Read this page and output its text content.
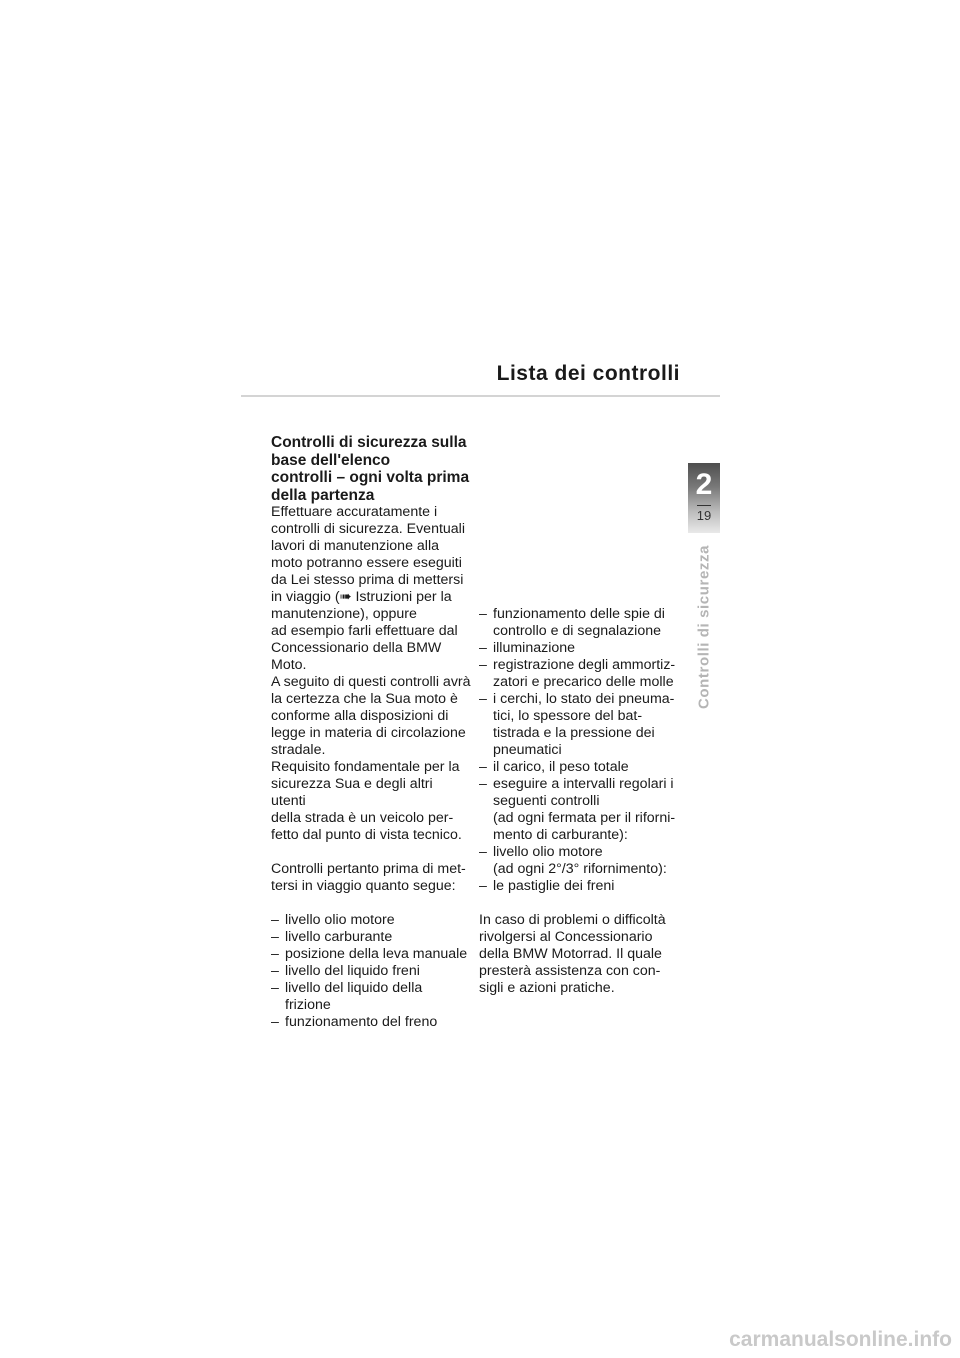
Lista dei controlli
Controlli di sicurezza sulla
base dell'elenco
controlli – ogni volta prima
della partenza
Effettuare accuratamente i
controlli di sicurezza. Eventuali
lavori di manutenzione alla
moto potranno essere eseguiti
da Lei stesso prima di mettersi
in viaggio (➠ Istruzioni per la
manutenzione), oppure
ad esempio farli effettuare dal
Concessionario della BMW
Moto.
A seguito di questi controlli avrà
la certezza che la Sua moto è
conforme alla disposizioni di
legge in materia di circolazione
stradale.
Requisito fondamentale per la
sicurezza Sua e degli altri utenti
della strada è un veicolo per-
fetto dal punto di vista tecnico.
Controlli pertanto prima di met-
tersi in viaggio quanto segue:
– livello olio motore
– livello carburante
– posizione della leva manuale
– livello del liquido freni
– livello del liquido della frizione
– funzionamento del freno
– funzionamento delle spie di
controllo e di segnalazione
– illuminazione
– registrazione degli ammortiz-
zatori e precarico delle molle
– i cerchi, lo stato dei pneuma-
tici, lo spessore del bat-
tistrada e la pressione dei
pneumatici
– il carico, il peso totale
– eseguire a intervalli regolari i
seguenti controlli
(ad ogni fermata per il riforni-
mento di carburante):
– livello olio motore
(ad ogni 2°/3° rifornimento):
– le pastiglie dei freni
In caso di problemi o difficoltà
rivolgersi al Concessionario
della BMW Motorrad. Il quale
presterà assistenza con con-
sigli e azioni pratiche.
2
19
Controlli di sicurezza
carmanualsonline.info
